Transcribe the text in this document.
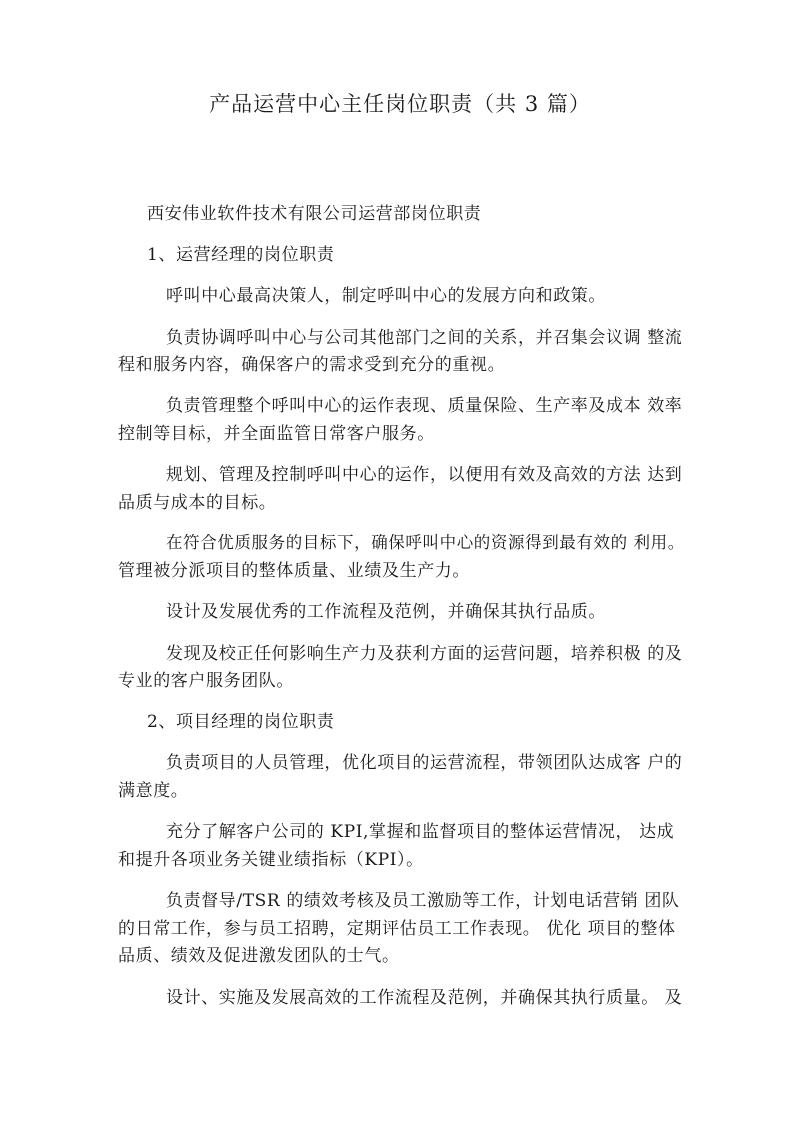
产品运营中心主任岗位职责（共 3 篇）
西安伟业软件技术有限公司运营部岗位职责
1、运营经理的岗位职责
呼叫中心最高决策人，制定呼叫中心的发展方向和政策。
负责协调呼叫中心与公司其他部门之间的关系，并召集会议调 整流
程和服务内容，确保客户的需求受到充分的重视。
负责管理整个呼叫中心的运作表现、质量保险、生产率及成本 效率
控制等目标，并全面监管日常客户服务。
规划、管理及控制呼叫中心的运作，以便用有效及高效的方法 达到
品质与成本的目标。
在符合优质服务的目标下，确保呼叫中心的资源得到最有效的 利用。
管理被分派项目的整体质量、业绩及生产力。
设计及发展优秀的工作流程及范例，并确保其执行品质。
发现及校正任何影响生产力及获利方面的运营问题，培养积极 的及
专业的客户服务团队。
2、项目经理的岗位职责
负责项目的人员管理，优化项目的运营流程，带领团队达成客 户的
满意度。
充分了解客户公司的 KPI,掌握和监督项目的整体运营情况， 达成
和提升各项业务关键业绩指标（KPI）。
负责督导/TSR 的绩效考核及员工激励等工作，计划电话营销 团队
的日常工作，参与员工招聘，定期评估员工工作表现。 优化 项目的整体
品质、绩效及促进激发团队的士气。
设计、实施及发展高效的工作流程及范例，并确保其执行质量。 及
